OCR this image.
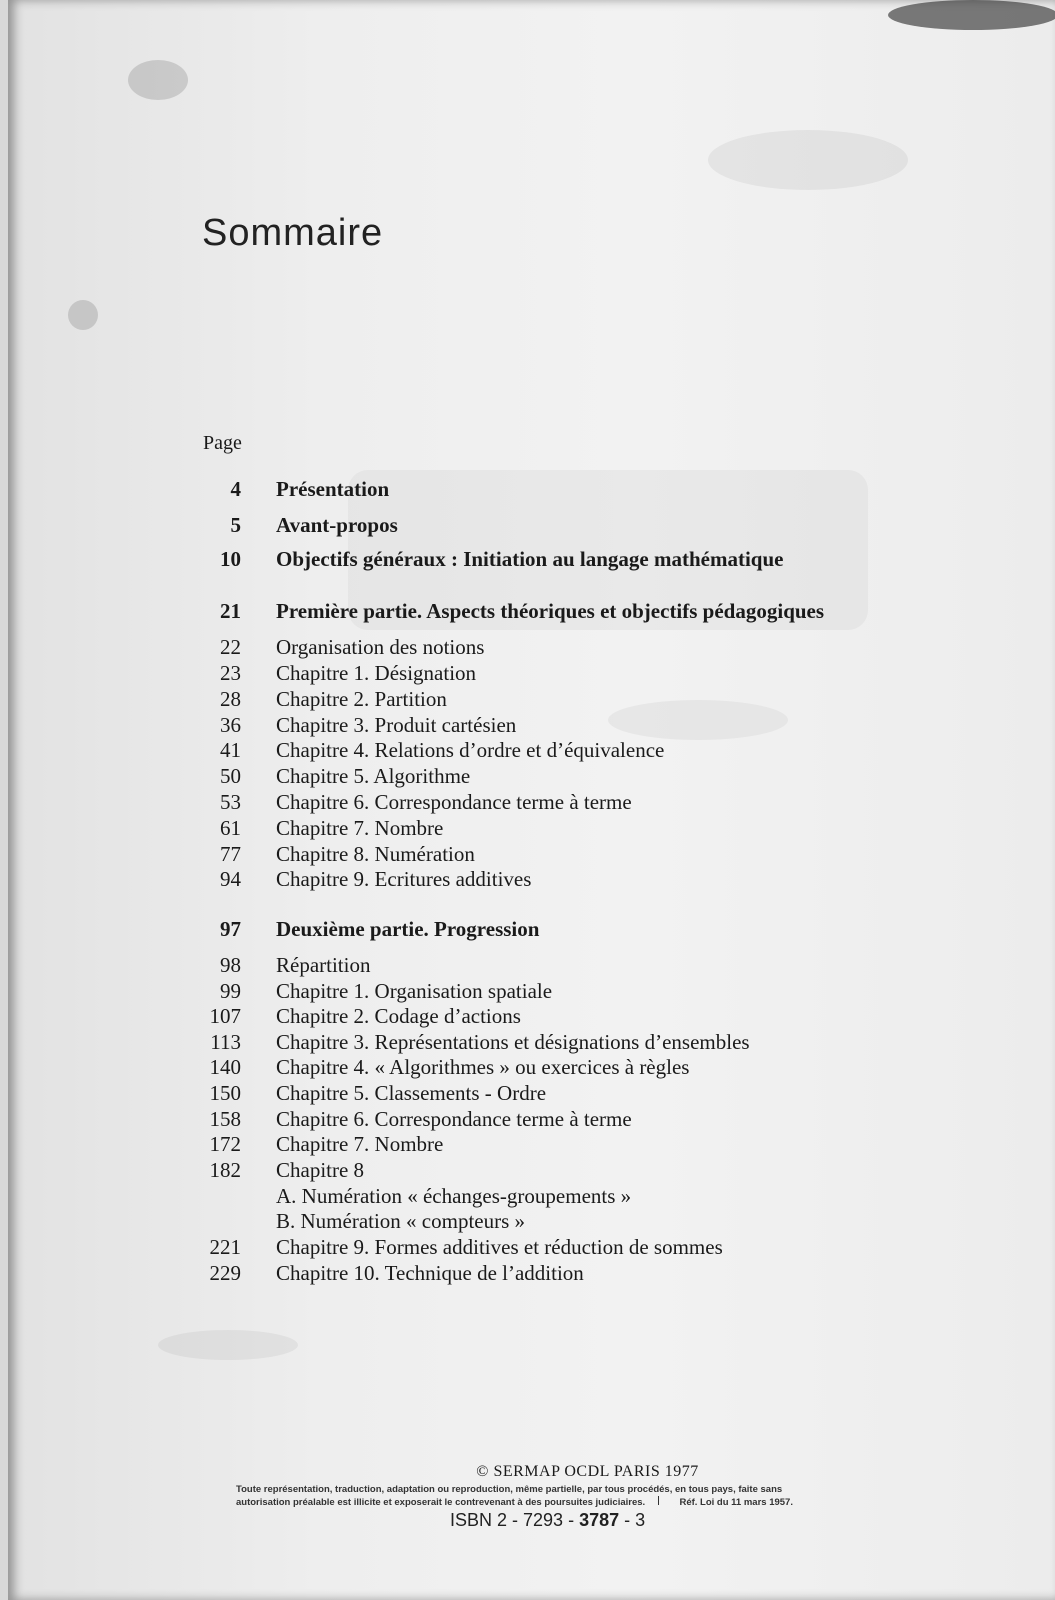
Sommaire
Page
4 Présentation
5 Avant-propos
10 Objectifs généraux : Initiation au langage mathématique
21 Première partie. Aspects théoriques et objectifs pédagogiques
22 Organisation des notions
23 Chapitre 1. Désignation
28 Chapitre 2. Partition
36 Chapitre 3. Produit cartésien
41 Chapitre 4. Relations d’ordre et d’équivalence
50 Chapitre 5. Algorithme
53 Chapitre 6. Correspondance terme à terme
61 Chapitre 7. Nombre
77 Chapitre 8. Numération
94 Chapitre 9. Ecritures additives
97 Deuxième partie. Progression
98 Répartition
99 Chapitre 1. Organisation spatiale
107 Chapitre 2. Codage d’actions
113 Chapitre 3. Représentations et désignations d’ensembles
140 Chapitre 4. « Algorithmes » ou exercices à règles
150 Chapitre 5. Classements - Ordre
158 Chapitre 6. Correspondance terme à terme
172 Chapitre 7. Nombre
182 Chapitre 8
A. Numération « échanges-groupements »
B. Numération « compteurs »
221 Chapitre 9. Formes additives et réduction de sommes
229 Chapitre 10. Technique de l’addition
© SERMAP OCDL PARIS 1977
Toute représentation, traduction, adaptation ou reproduction, même partielle, par tous procédés, en tous pays, faite sans
autorisation préalable est illicite et exposerait le contrevenant à des poursuites judiciaires.	Réf. Loi du 11 mars 1957.
ISBN 2 - 7293 - 3787 - 3
